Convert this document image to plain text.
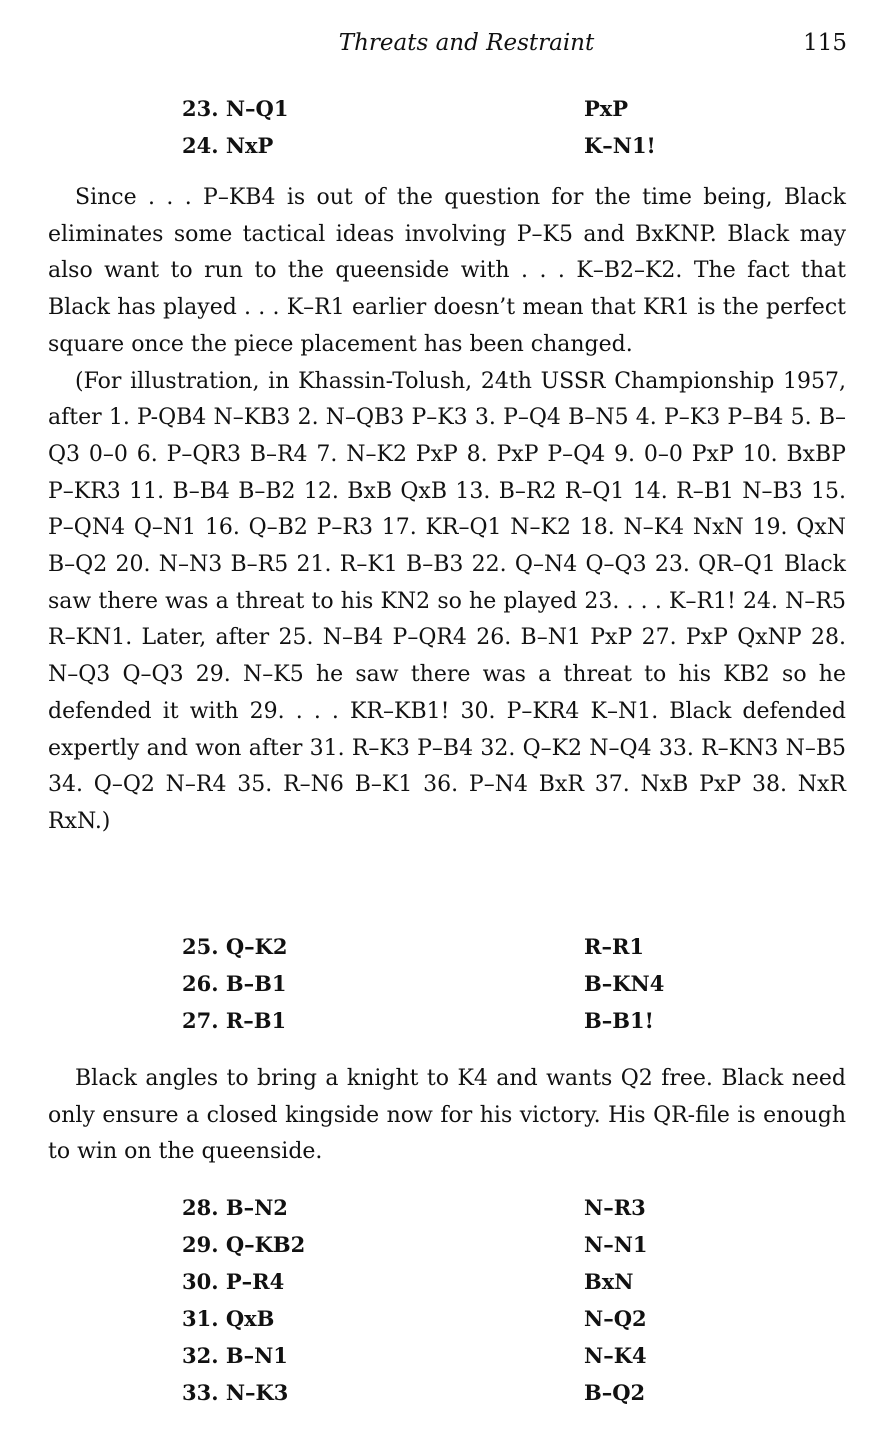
Threats and Restraint	115
23. N–Q1	PxP
24. NxP	K–N1!

Since . . . P–KB4 is out of the question for the time being, Black eliminates some tactical ideas involving P–K5 and BxKNP. Black may also want to run to the queenside with . . . K–B2–K2. The fact that Black has played . . . K–R1 earlier doesn’t mean that KR1 is the perfect square once the piece placement has been changed.

(For illustration, in Khassin-Tolush, 24th USSR Championship 1957, after 1. P-QB4 N–KB3 2. N–QB3 P–K3 3. P–Q4 B–N5 4. P–K3 P–B4 5. B–Q3 0–0 6. P–QR3 B–R4 7. N–K2 PxP 8. PxP P–Q4 9. 0–0 PxP 10. BxBP P–KR3 11. B–B4 B–B2 12. BxB QxB 13. B–R2 R–Q1 14. R–B1 N–B3 15. P–QN4 Q–N1 16. Q–B2 P–R3 17. KR–Q1 N–K2 18. N–K4 NxN 19. QxN B–Q2 20. N–N3 B–R5 21. R–K1 B–B3 22. Q–N4 Q–Q3 23. QR–Q1 Black saw there was a threat to his KN2 so he played 23. . . . K–R1! 24. N–R5 R–KN1. Later, after 25. N–B4 P–QR4 26. B–N1 PxP 27. PxP QxNP 28. N–Q3 Q–Q3 29. N–K5 he saw there was a threat to his KB2 so he defended it with 29. . . . KR–KB1! 30. P–KR4 K–N1. Black defended expertly and won after 31. R–K3 P–B4 32. Q–K2 N–Q4 33. R–KN3 N–B5 34. Q–Q2 N–R4 35. R–N6 B–K1 36. P–N4 BxR 37. NxB PxP 38. NxR RxN.)

25. Q–K2	R–R1
26. B–B1	B–KN4
27. R–B1	B–B1!

Black angles to bring a knight to K4 and wants Q2 free. Black need only ensure a closed kingside now for his victory. His QR-file is enough to win on the queenside.

28. B–N2	N–R3
29. Q–KB2	N–N1
30. P–R4	BxN
31. QxB	N–Q2
32. B–N1	N–K4
33. N–K3	B–Q2
